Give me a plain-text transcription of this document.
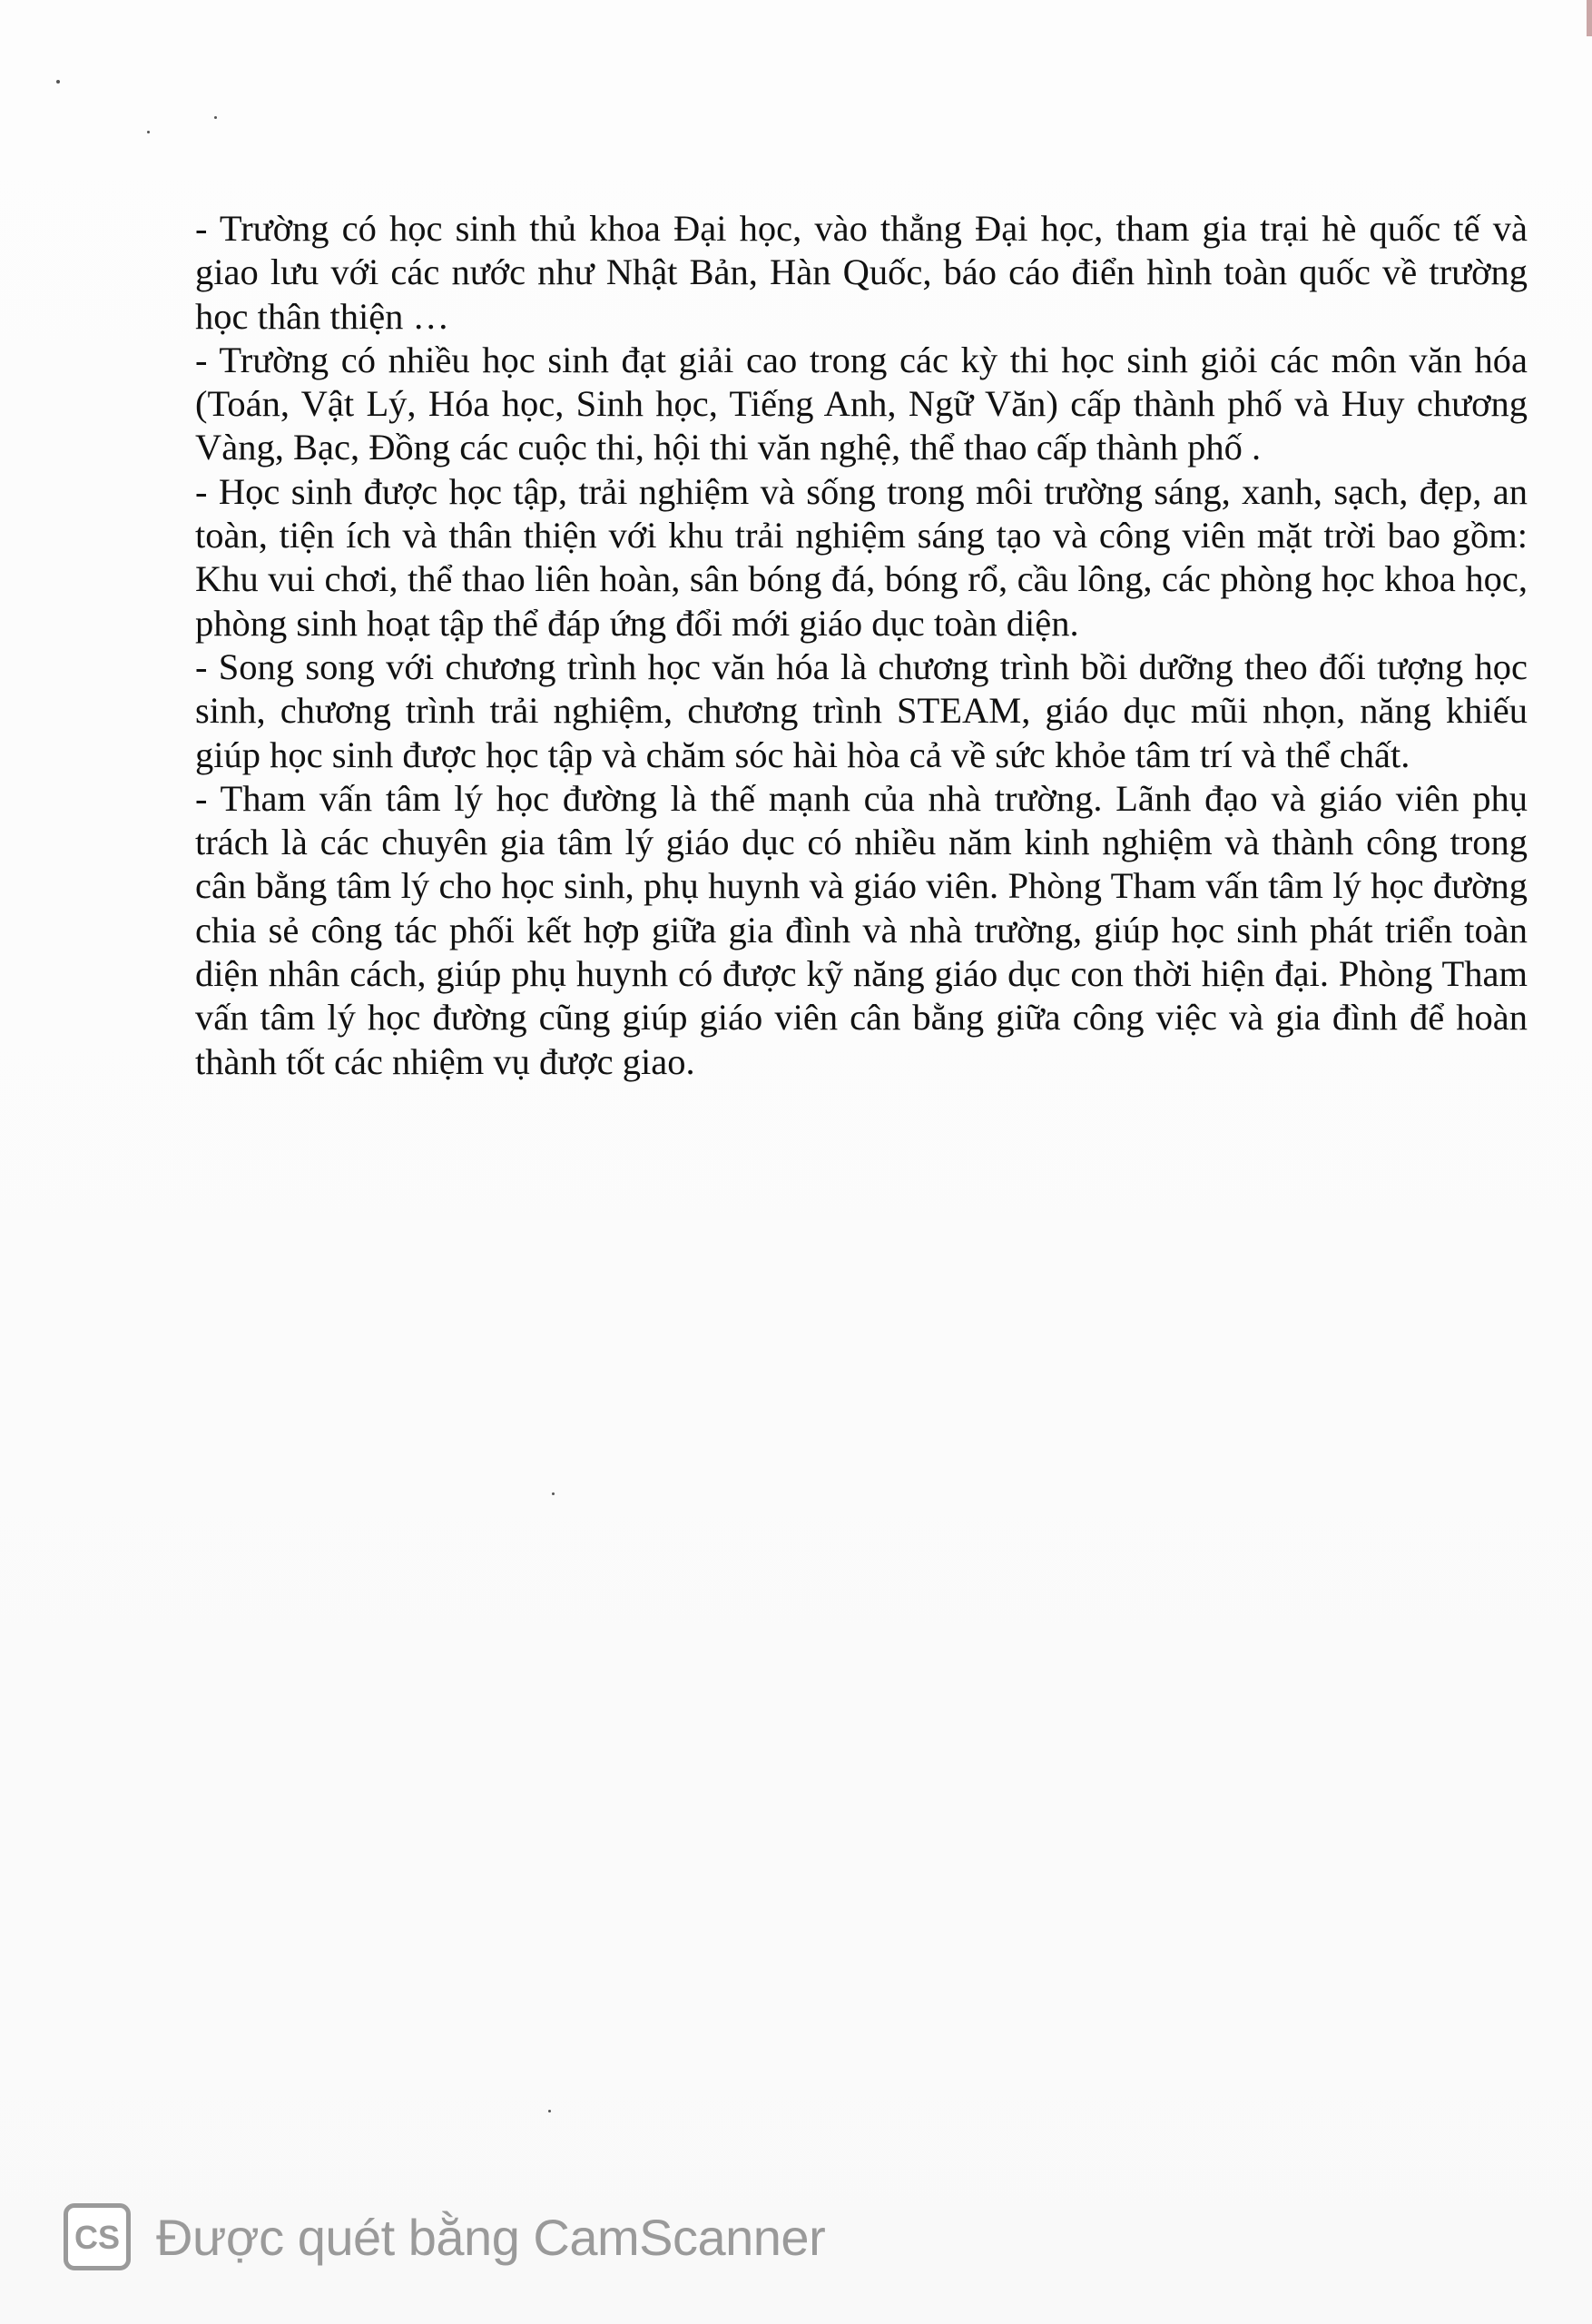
- Trường có học sinh thủ khoa Đại học, vào thẳng Đại học, tham gia trại hè quốc tế và giao lưu với các nước như Nhật Bản, Hàn Quốc, báo cáo điển hình toàn quốc về trường học thân thiện …

- Trường có nhiều học sinh đạt giải cao trong các kỳ thi học sinh giỏi các môn văn hóa (Toán, Vật Lý, Hóa học, Sinh học, Tiếng Anh, Ngữ Văn) cấp thành phố và Huy chương Vàng, Bạc, Đồng các cuộc thi, hội thi văn nghệ, thể thao cấp thành phố .

- Học sinh được học tập, trải nghiệm và sống trong môi trường sáng, xanh, sạch, đẹp, an toàn, tiện ích và thân thiện với khu trải nghiệm sáng tạo và công viên mặt trời bao gồm: Khu vui chơi, thể thao liên hoàn, sân bóng đá, bóng rổ, cầu lông, các phòng học khoa học, phòng sinh hoạt tập thể đáp ứng đổi mới giáo dục toàn diện.

- Song song với chương trình học văn hóa là chương trình bồi dưỡng theo đối tượng học sinh, chương trình trải nghiệm, chương trình STEAM, giáo dục mũi nhọn, năng khiếu giúp học sinh được học tập và chăm sóc hài hòa cả về sức khỏe tâm trí và thể chất.

- Tham vấn tâm lý học đường là thế mạnh của nhà trường. Lãnh đạo và giáo viên phụ trách là các chuyên gia tâm lý giáo dục có nhiều năm kinh nghiệm và thành công trong cân bằng tâm lý cho học sinh, phụ huynh và giáo viên. Phòng Tham vấn tâm lý học đường chia sẻ công tác phối kết hợp giữa gia đình và nhà trường, giúp học sinh phát triển toàn diện nhân cách, giúp phụ huynh có được kỹ năng giáo dục con thời hiện đại. Phòng Tham vấn tâm lý học đường cũng giúp giáo viên cân bằng giữa công việc và gia đình để hoàn thành tốt các nhiệm vụ được giao.

CS Được quét bằng CamScanner
